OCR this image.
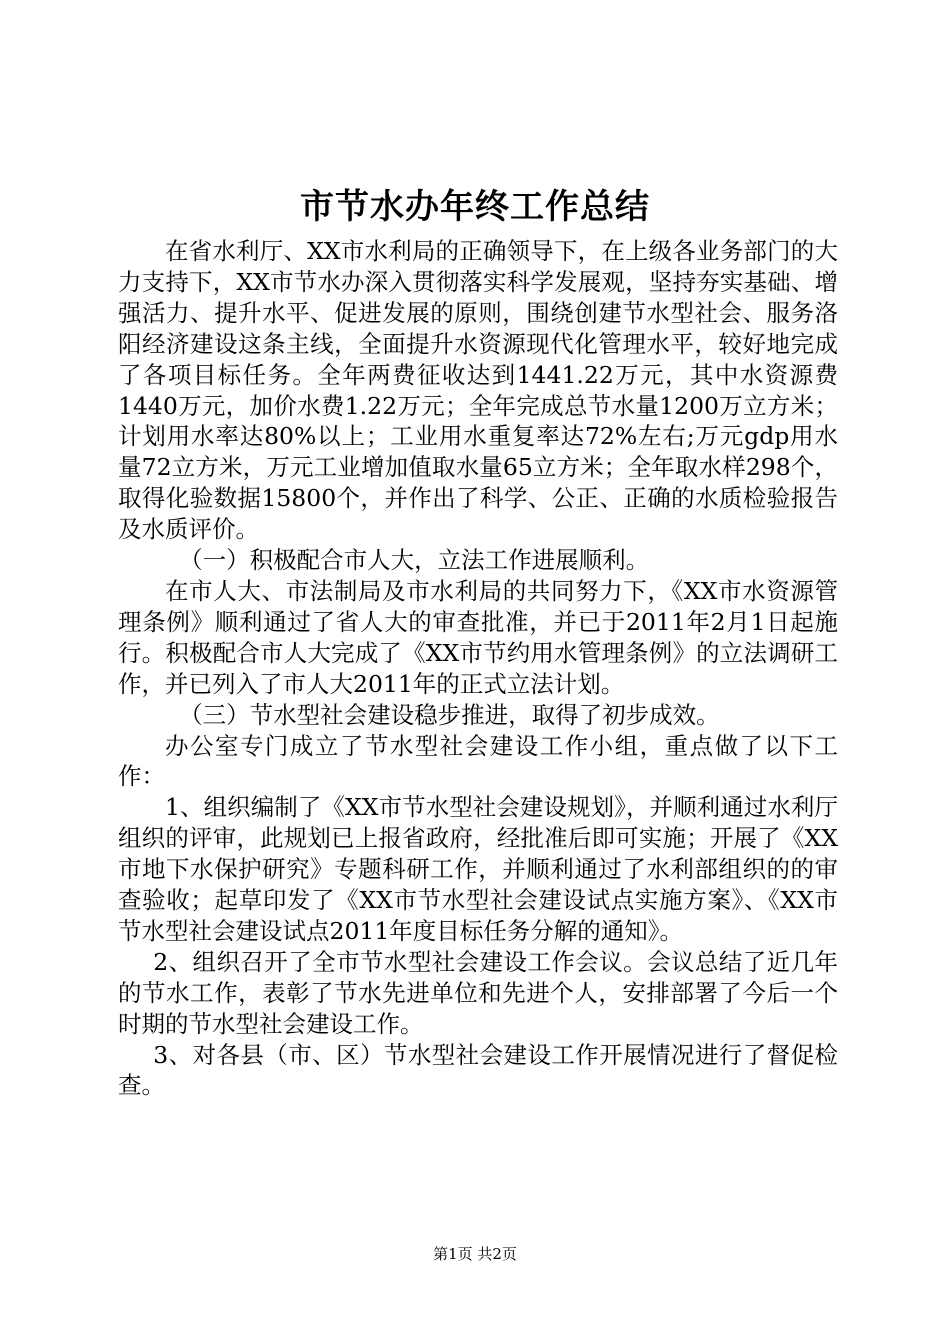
市节水办年终工作总结

在省水利厅、XX市水利局的正确领导下，在上级各业务部门的大力支持下，XX市节水办深入贯彻落实科学发展观，坚持夯实基础、增强活力、提升水平、促进发展的原则，围绕创建节水型社会、服务洛阳经济建设这条主线，全面提升水资源现代化管理水平，较好地完成了各项目标任务。全年两费征收达到1441.22万元，其中水资源费1440万元，加价水费1.22万元；全年完成总节水量1200万立方米；计划用水率达80%以上；工业用水重复率达72%左右;万元gdp用水量72立方米，万元工业增加值取水量65立方米；全年取水样298个，取得化验数据15800个，并作出了科学、公正、正确的水质检验报告及水质评价。

（一）积极配合市人大，立法工作进展顺利。

在市人大、市法制局及市水利局的共同努力下，《XX市水资源管理条例》顺利通过了省人大的审查批准，并已于2011年2月1日起施行。积极配合市人大完成了《XX市节约用水管理条例》的立法调研工作，并已列入了市人大2011年的正式立法计划。

（三）节水型社会建设稳步推进，取得了初步成效。

办公室专门成立了节水型社会建设工作小组，重点做了以下工作：

1、组织编制了《XX市节水型社会建设规划》，并顺利通过水利厅组织的评审，此规划已上报省政府，经批准后即可实施；开展了《XX市地下水保护研究》专题科研工作，并顺利通过了水利部组织的的审查验收；起草印发了《XX市节水型社会建设试点实施方案》、《XX市节水型社会建设试点2011年度目标任务分解的通知》。

2、组织召开了全市节水型社会建设工作会议。会议总结了近几年的节水工作，表彰了节水先进单位和先进个人，安排部署了今后一个时期的节水型社会建设工作。

3、对各县（市、区）节水型社会建设工作开展情况进行了督促检查。

第1页 共2页
